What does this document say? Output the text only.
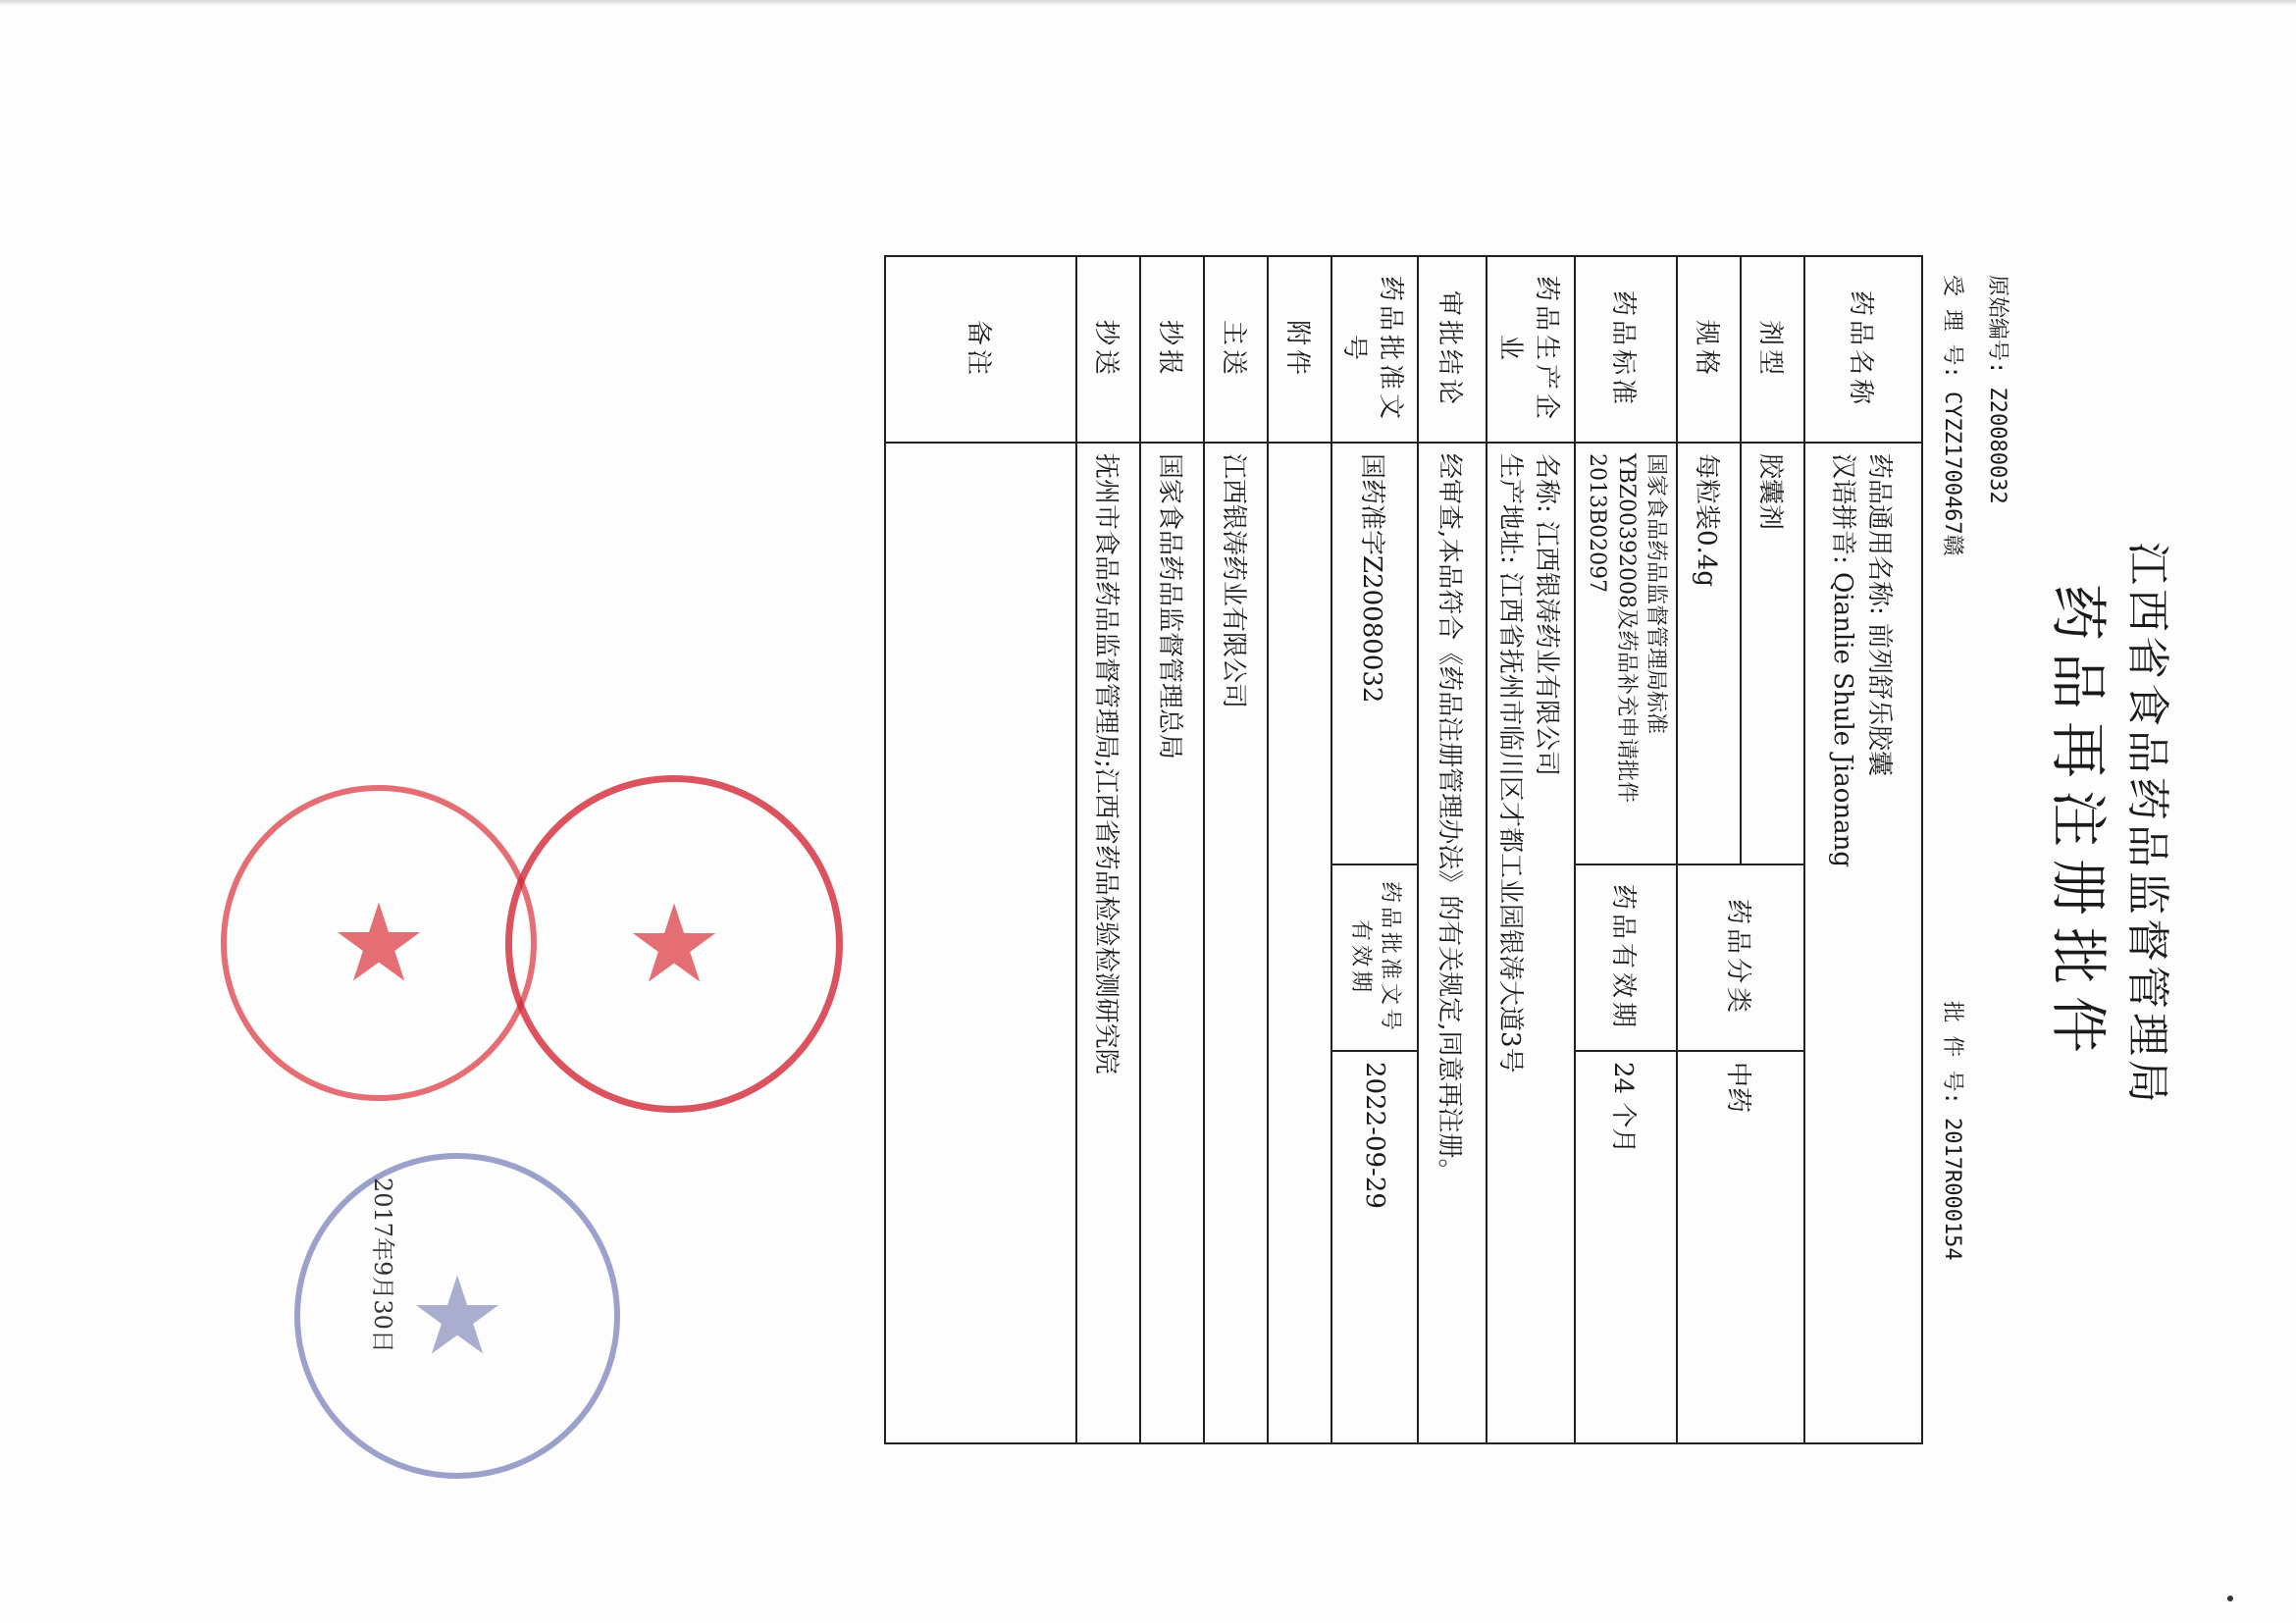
江西省食品药品监督管理局
药品再注册批件
原始编号: Z20080032
受 理 号: CYZZ1700467赣
批 件 号: 2017R000154
药品名称	药品通用名称: 前列舒乐胶囊
汉语拼音: Qianlie Shule Jiaonang		

剂型	胶囊剂	药品分类	中药
规格	每粒装0.4g		
药品标准	国家食品药品监督管理局标准YBZ00392008及药品补充申请批件2013B02097	药品有效期	24 个月
药品生产企业	名称: 江西银涛药业有限公司
生产地址: 江西省抚州市临川区才都工业园银涛大道3号		

审批结论	经审查,本品符合《药品注册管理办法》的有关规定,同意再注册。		
药品批准文号	国药准字Z20080032	药品批准文号有效期	2022-09-29
附件			
主送	江西银涛药业有限公司		
抄报	国家食品药品监督管理总局		
抄送	抚州市食品药品监督管理局;江西省药品检验检测研究院		
备注			
★ ★
★
2017年9月30日
